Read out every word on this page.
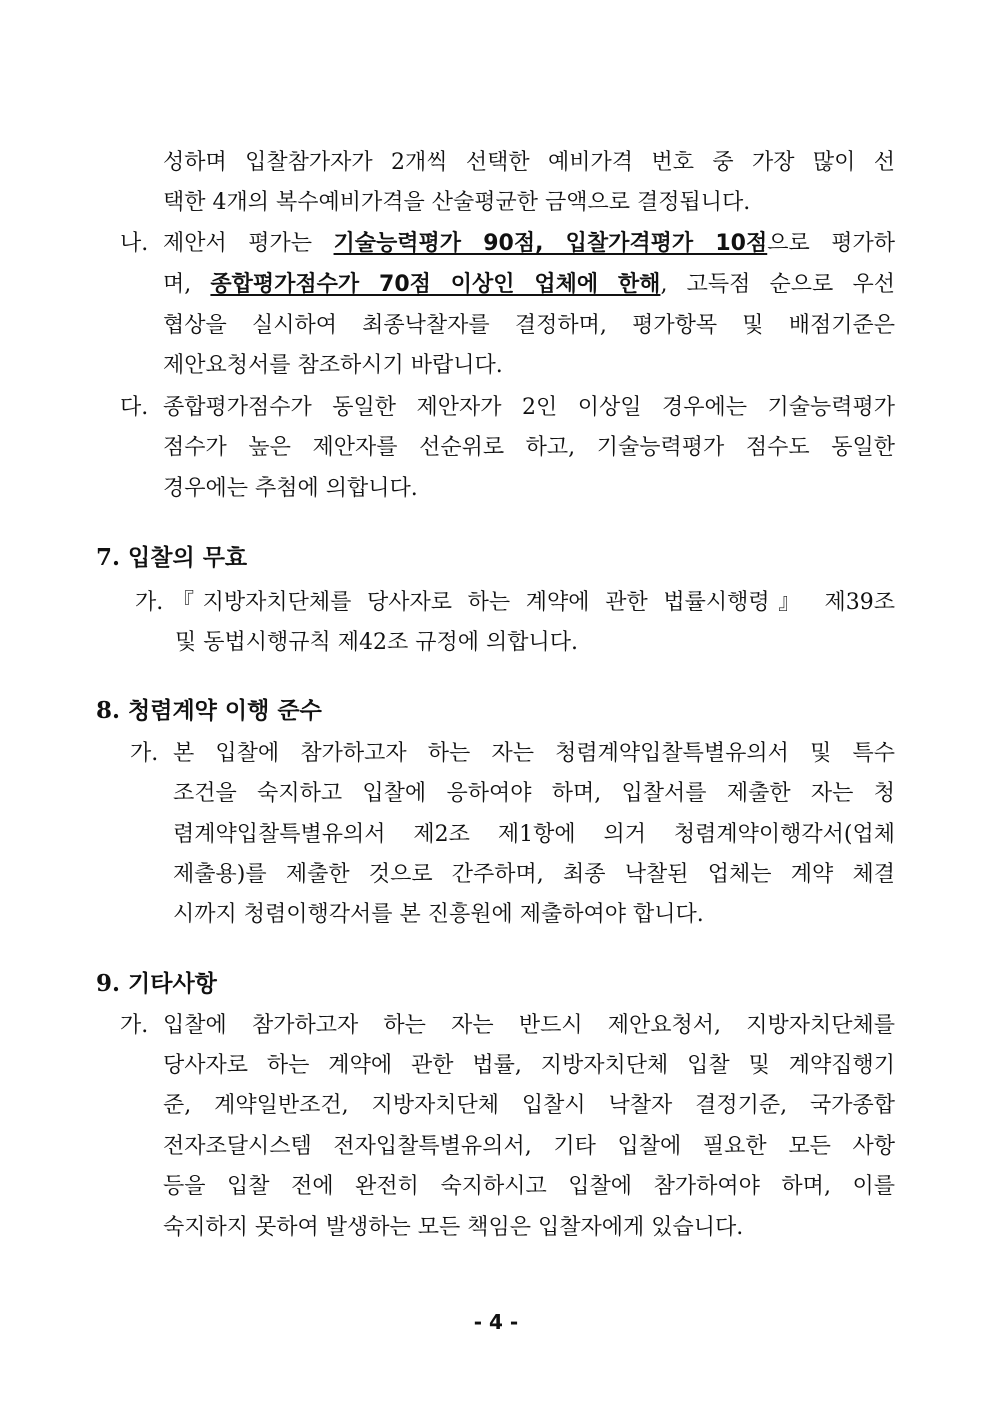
성하며 입찰참가자가 2개씩 선택한 예비가격 번호 중 가장 많이 선
택한 4개의 복수예비가격을 산술평균한 금액으로 결정됩니다.
나. 제안서 평가는 기술능력평가 90점, 입찰가격평가 10점으로 평가하
며, 종합평가점수가 70점 이상인 업체에 한해, 고득점 순으로 우선
협상을 실시하여 최종낙찰자를 결정하며, 평가항목 및 배점기준은
제안요청서를 참조하시기 바랍니다.
다. 종합평가점수가 동일한 제안자가 2인 이상일 경우에는 기술능력평가
점수가 높은 제안자를 선순위로 하고, 기술능력평가 점수도 동일한
경우에는 추첨에 의합니다.
7. 입찰의 무효
가. 『지방자치단체를 당사자로 하는 계약에 관한 법률시행령』 제39조
및 동법시행규칙 제42조 규정에 의합니다.
8. 청렴계약 이행 준수
가. 본 입찰에 참가하고자 하는 자는 청렴계약입찰특별유의서 및 특수
조건을 숙지하고 입찰에 응하여야 하며, 입찰서를 제출한 자는 청
렴계약입찰특별유의서 제2조 제1항에 의거 청렴계약이행각서(업체
제출용)를 제출한 것으로 간주하며, 최종 낙찰된 업체는 계약 체결
시까지 청렴이행각서를 본 진흥원에 제출하여야 합니다.
9. 기타사항
가. 입찰에 참가하고자 하는 자는 반드시 제안요청서, 지방자치단체를
당사자로 하는 계약에 관한 법률, 지방자치단체 입찰 및 계약집행기
준, 계약일반조건, 지방자치단체 입찰시 낙찰자 결정기준, 국가종합
전자조달시스템 전자입찰특별유의서, 기타 입찰에 필요한 모든 사항
등을 입찰 전에 완전히 숙지하시고 입찰에 참가하여야 하며, 이를
숙지하지 못하여 발생하는 모든 책임은 입찰자에게 있습니다.
- 4 -
